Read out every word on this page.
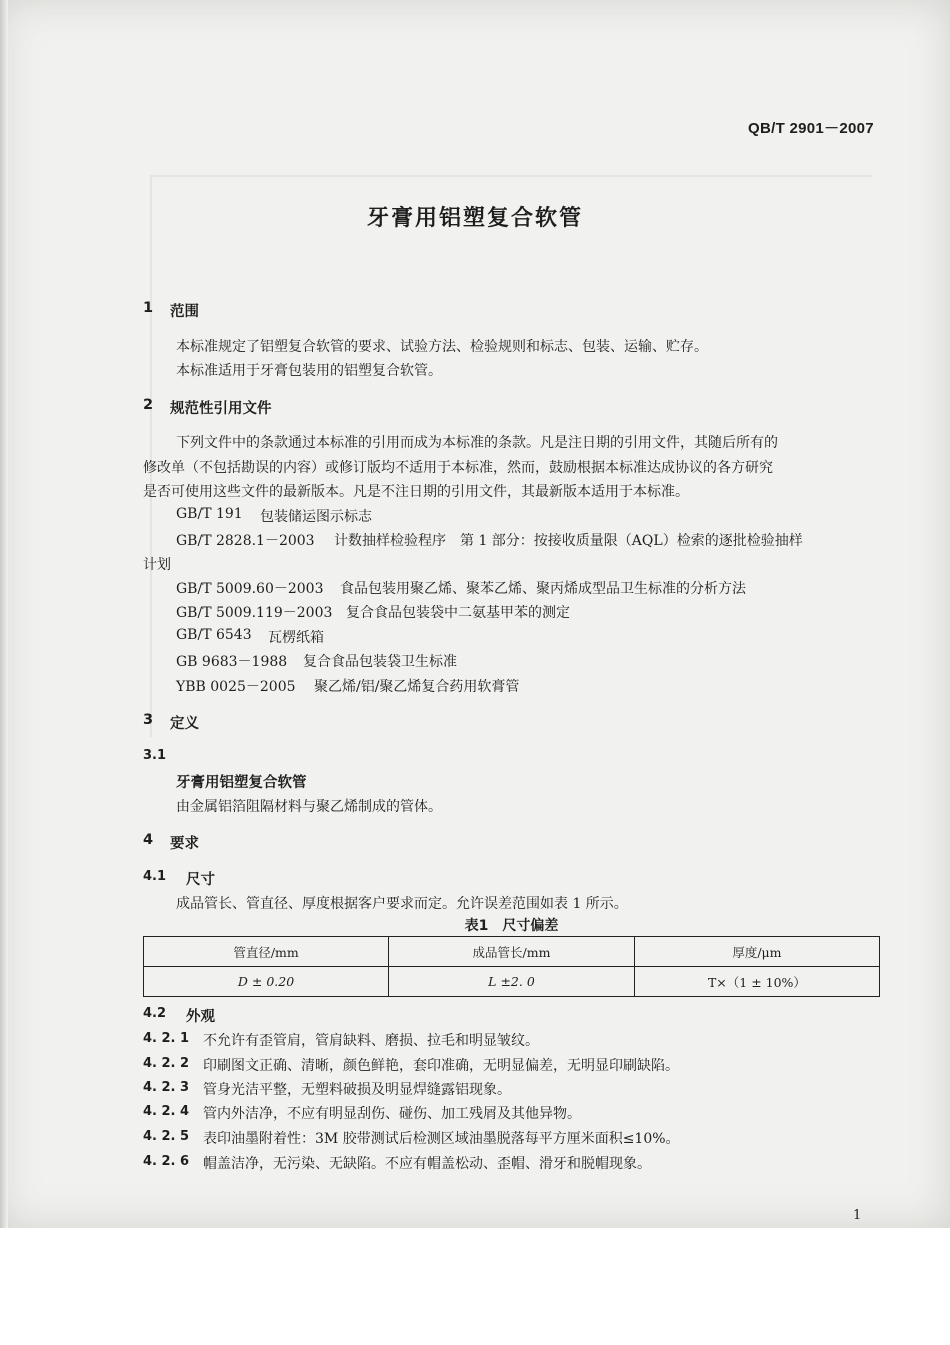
QB/T 2901－2007
牙膏用铝塑复合软管
1 范围
本标准规定了铝塑复合软管的要求、试验方法、检验规则和标志、包装、运输、贮存。
本标准适用于牙膏包装用的铝塑复合软管。
2 规范性引用文件
下列文件中的条款通过本标准的引用而成为本标准的条款。凡是注日期的引用文件，其随后所有的
修改单（不包括勘误的内容）或修订版均不适用于本标准，然而，鼓励根据本标准达成协议的各方研究
是否可使用这些文件的最新版本。凡是不注日期的引用文件，其最新版本适用于本标准。
GB/T 191 包装储运图示标志
GB/T 2828.1－2003 计数抽样检验程序　第 1 部分：按接收质量限（AQL）检索的逐批检验抽样
计划
GB/T 5009.60－2003 食品包装用聚乙烯、聚苯乙烯、聚丙烯成型品卫生标准的分析方法
GB/T 5009.119－2003 复合食品包装袋中二氨基甲苯的测定
GB/T 6543 瓦楞纸箱
GB 9683－1988 复合食品包装袋卫生标准
YBB 0025－2005 聚乙烯/铝/聚乙烯复合药用软膏管
3 定义
3.1
牙膏用铝塑复合软管
由金属铝箔阻隔材料与聚乙烯制成的管体。
4 要求
4.1 尺寸
成品管长、管直径、厚度根据客户要求而定。允许误差范围如表 1 所示。
表1　尺寸偏差
管直径/mm	成品管长/mm	厚度/μm
D ± 0.20	L ±2. 0	T×（1 ± 10%）
4.2 外观
4. 2. 1 不允许有歪管肩，管肩缺料、磨损、拉毛和明显皱纹。
4. 2. 2 印刷图文正确、清晰，颜色鲜艳，套印准确，无明显偏差，无明显印刷缺陷。
4. 2. 3 管身光洁平整，无塑料破损及明显焊缝露铝现象。
4. 2. 4 管内外洁净，不应有明显刮伤、碰伤、加工残屑及其他异物。
4. 2. 5 表印油墨附着性：3M 胶带测试后检测区域油墨脱落每平方厘米面积≤10%。
4. 2. 6 帽盖洁净，无污染、无缺陷。不应有帽盖松动、歪帽、滑牙和脱帽现象。
1
